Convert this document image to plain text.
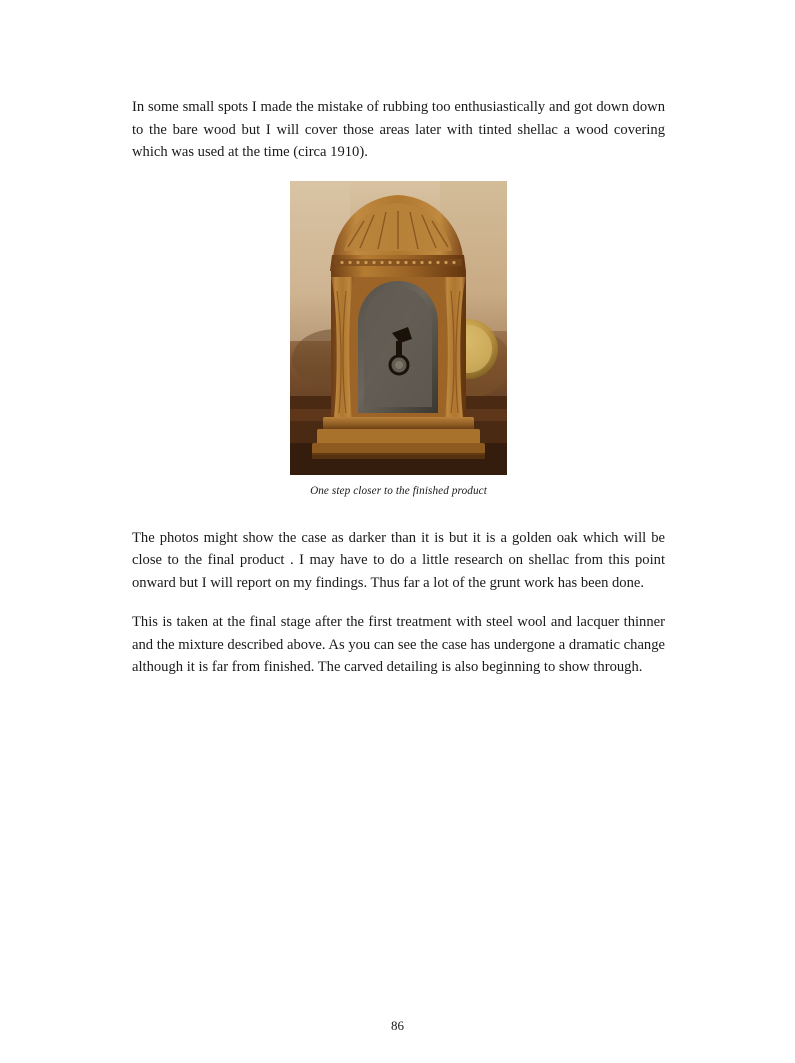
In some small spots I made the mistake of rubbing too enthusiastically and got down down to the bare wood but I will cover those areas later with tinted shellac a wood covering which was used at the time (circa 1910).

One step closer to the finished product

The photos might show the case as darker than it is but it is a golden oak which will be close to the final product . I may have to do a little research on shellac from this point onward but I will report on my findings. Thus far a lot of the grunt work has been done.

This is taken at the final stage after the first treatment with steel wool and lacquer thinner and the mixture described above. As you can see the case has undergone a dramatic change although it is far from finished. The carved detailing is also beginning to show through.

86
